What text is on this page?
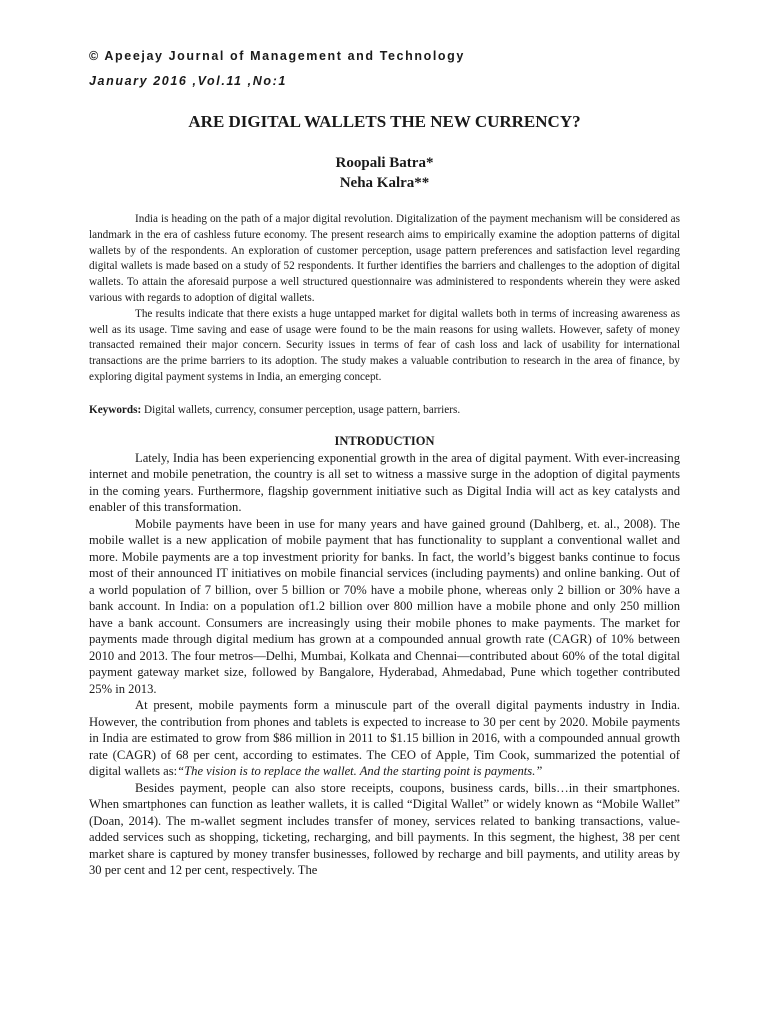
© Apeejay Journal of Management and Technology
January 2016 ,Vol.11 ,No:1
ARE DIGITAL WALLETS THE NEW CURRENCY?
Roopali Batra*
Neha Kalra**

India is heading on the path of a major digital revolution. Digitalization of the payment mechanism will be considered as landmark in the era of cashless future economy. The present research aims to empirically examine the adoption patterns of digital wallets by of the respondents. An exploration of customer perception, usage pattern preferences and satisfaction level regarding digital wallets is made based on a study of 52 respondents. It further identifies the barriers and challenges to the adoption of digital wallets. To attain the aforesaid purpose a well structured questionnaire was administered to respondents wherein they were asked various with regards to adoption of digital wallets.

The results indicate that there exists a huge untapped market for digital wallets both in terms of increasing awareness as well as its usage. Time saving and ease of usage were found to be the main reasons for using wallets. However, safety of money transacted remained their major concern. Security issues in terms of fear of cash loss and lack of usability for international transactions are the prime barriers to its adoption. The study makes a valuable contribution to research in the area of finance, by exploring digital payment systems in India, an emerging concept.

Keywords: Digital wallets, currency, consumer perception, usage pattern, barriers.
INTRODUCTION

Lately, India has been experiencing exponential growth in the area of digital payment. With ever-increasing internet and mobile penetration, the country is all set to witness a massive surge in the adoption of digital payments in the coming years. Furthermore, flagship government initiative such as Digital India will act as key catalysts and enabler of this transformation.

Mobile payments have been in use for many years and have gained ground (Dahlberg, et. al., 2008). The mobile wallet is a new application of mobile payment that has functionality to supplant a conventional wallet and more. Mobile payments are a top investment priority for banks. In fact, the world’s biggest banks continue to focus most of their announced IT initiatives on mobile financial services (including payments) and online banking. Out of a world population of 7 billion, over 5 billion or 70% have a mobile phone, whereas only 2 billion or 30% have a bank account. In India: on a population of1.2 billion over 800 million have a mobile phone and only 250 million have a bank account. Consumers are increasingly using their mobile phones to make payments. The market for payments made through digital medium has grown at a compounded annual growth rate (CAGR) of 10% between 2010 and 2013. The four metros—Delhi, Mumbai, Kolkata and Chennai—contributed about 60% of the total digital payment gateway market size, followed by Bangalore, Hyderabad, Ahmedabad, Pune which together contributed 25% in 2013.

At present, mobile payments form a minuscule part of the overall digital payments industry in India. However, the contribution from phones and tablets is expected to increase to 30 per cent by 2020. Mobile payments in India are estimated to grow from $86 million in 2011 to $1.15 billion in 2016, with a compounded annual growth rate (CAGR) of 68 per cent, according to estimates. The CEO of Apple, Tim Cook, summarized the potential of digital wallets as:“The vision is to replace the wallet. And the starting point is payments.”

Besides payment, people can also store receipts, coupons, business cards, bills…in their smartphones. When smartphones can function as leather wallets, it is called “Digital Wallet” or widely known as “Mobile Wallet” (Doan, 2014). The m-wallet segment includes transfer of money, services related to banking transactions, value-added services such as shopping, ticketing, recharging, and bill payments. In this segment, the highest, 38 per cent market share is captured by money transfer businesses, followed by recharge and bill payments, and utility areas by 30 per cent and 12 per cent, respectively. The
